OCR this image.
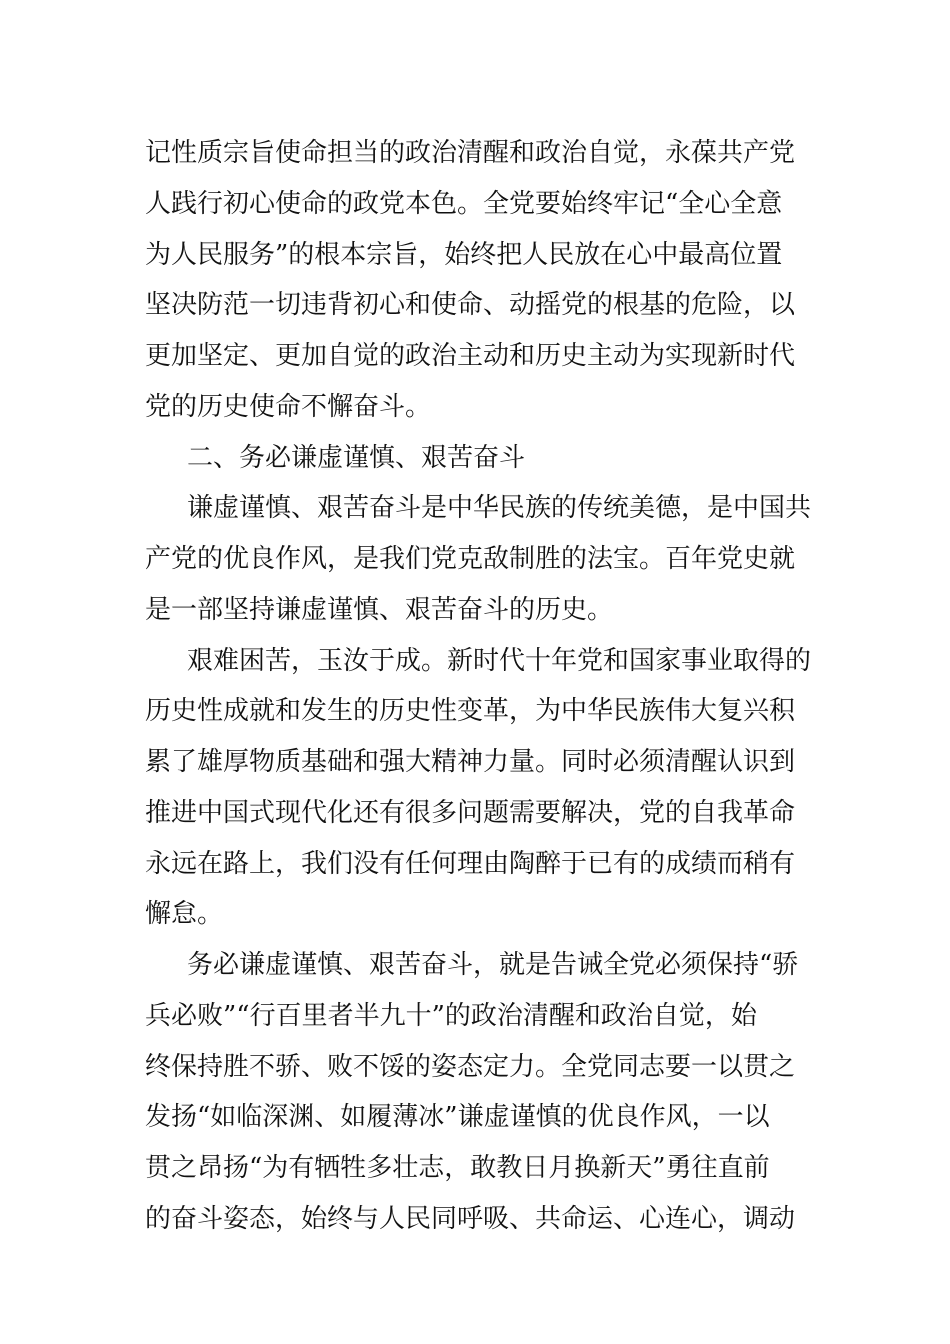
记性质宗旨使命担当的政治清醒和政治自觉，永葆共产党
人践行初心使命的政党本色。全党要始终牢记“全心全意
为人民服务”的根本宗旨，始终把人民放在心中最高位置
坚决防范一切违背初心和使命、动摇党的根基的危险，以
更加坚定、更加自觉的政治主动和历史主动为实现新时代
党的历史使命不懈奋斗。
二、务必谦虚谨慎、艰苦奋斗
谦虚谨慎、艰苦奋斗是中华民族的传统美德，是中国共
产党的优良作风，是我们党克敌制胜的法宝。百年党史就
是一部坚持谦虚谨慎、艰苦奋斗的历史。
艰难困苦，玉汝于成。新时代十年党和国家事业取得的
历史性成就和发生的历史性变革，为中华民族伟大复兴积
累了雄厚物质基础和强大精神力量。同时必须清醒认识到
推进中国式现代化还有很多问题需要解决，党的自我革命
永远在路上，我们没有任何理由陶醉于已有的成绩而稍有
懈怠。
务必谦虚谨慎、艰苦奋斗，就是告诫全党必须保持“骄
兵必败”“行百里者半九十”的政治清醒和政治自觉，始
终保持胜不骄、败不馁的姿态定力。全党同志要一以贯之
发扬“如临深渊、如履薄冰”谦虚谨慎的优良作风，一以
贯之昂扬“为有牺牲多壮志，敢教日月换新天”勇往直前
的奋斗姿态，始终与人民同呼吸、共命运、心连心，调动
